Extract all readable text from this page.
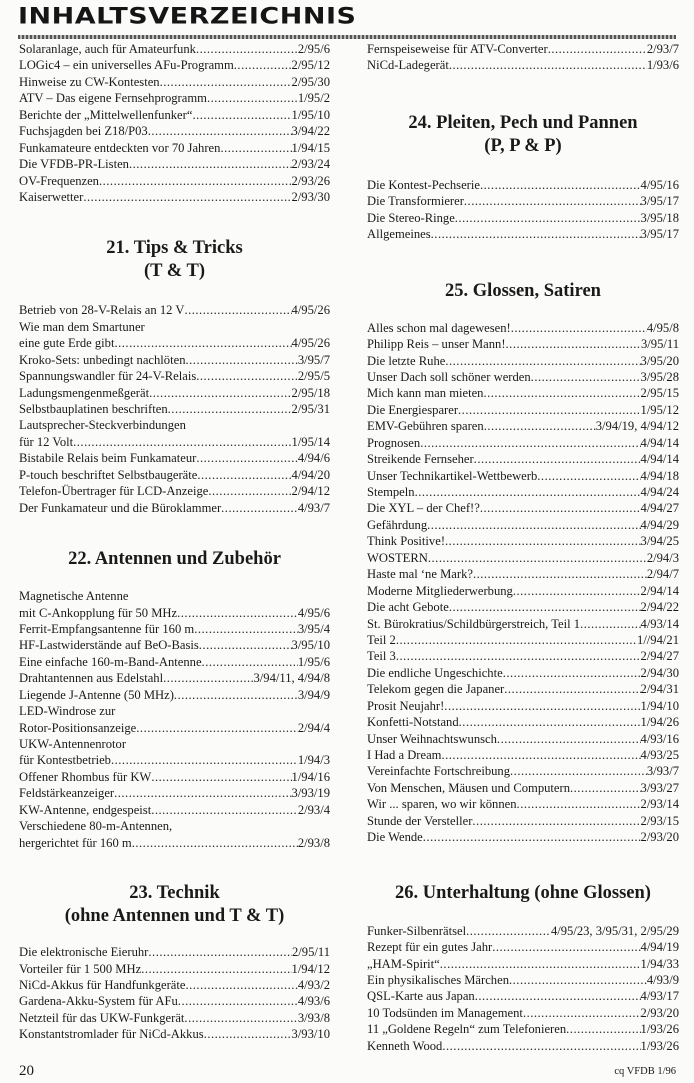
INHALTSVERZEICHNIS
Solaranlage, auch für Amateurfunk .....	2/95/6
LOGic4 – ein universelles AFu-Programm .....	2/95/12
Hinweise zu CW-Kontesten .....	2/95/30
ATV – Das eigene Fernsehprogramm .....	1/95/2
Berichte der „Mittelwellenfunker“ .....	1/95/10
Fuchsjagden bei Z18/P03 .....	3/94/22
Funkamateure entdeckten vor 70 Jahren .....	1/94/15
Die VFDB-PR-Listen .....	2/93/24
OV-Frequenzen .....	2/93/26
Kaiserwetter .....	2/93/30
21. Tips & Tricks
(T & T)
Betrieb von 28-V-Relais an 12 V .....	4/95/26
Wie man dem Smartuner
eine gute Erde gibt .....	4/95/26
Kroko-Sets: unbedingt nachlöten .....	3/95/7
Spannungswandler für 24-V-Relais .....	2/95/5
Ladungsmengenmeßgerät .....	2/95/18
Selbstbauplatinen beschriften .....	2/95/31
Lautsprecher-Steckverbindungen
für 12 Volt .....	1/95/14
Bistabile Relais beim Funkamateur .....	4/94/6
P-touch beschriftet Selbstbaugeräte .....	4/94/20
Telefon-Übertrager für LCD-Anzeige .....	2/94/12
Der Funkamateur und die Büroklammer .....	4/93/7
22. Antennen und Zubehör
Magnetische Antenne
mit C-Ankopplung für 50 MHz .....	4/95/6
Ferrit-Empfangsantenne für 160 m .....	3/95/4
HF-Lastwiderstände auf BeO-Basis .....	3/95/10
Eine einfache 160-m-Band-Antenne .....	1/95/6
Drahtantennen aus Edelstahl .....	3/94/11, 4/94/8
Liegende J-Antenne (50 MHz) .....	3/94/9
LED-Windrose zur
Rotor-Positionsanzeige .....	2/94/4
UKW-Antennenrotor
für Kontestbetrieb .....	1/94/3
Offener Rhombus für KW .....	1/94/16
Feldstärkeanzeiger .....	3/93/19
KW-Antenne, endgespeist .....	2/93/4
Verschiedene 80-m-Antennen,
hergerichtet für 160 m .....	2/93/8
23. Technik
(ohne Antennen und T & T)
Die elektronische Eieruhr .....	2/95/11
Vorteiler für 1 500 MHz .....	1/94/12
NiCd-Akkus für Handfunkgeräte .....	4/93/2
Gardena-Akku-System für AFu .....	4/93/6
Netzteil für das UKW-Funkgerät .....	3/93/8
Konstantstromlader für NiCd-Akkus .....	3/93/10
Fernspeiseweise für ATV-Converter .....	2/93/7
NiCd-Ladegerät .....	1/93/6
24. Pleiten, Pech und Pannen
(P, P & P)
Die Kontest-Pechserie .....	4/95/16
Die Transformierer .....	3/95/17
Die Stereo-Ringe .....	3/95/18
Allgemeines .....	3/95/17
25. Glossen, Satiren
Alles schon mal dagewesen! .....	4/95/8
Philipp Reis – unser Mann! .....	3/95/11
Die letzte Ruhe .....	3/95/20
Unser Dach soll schöner werden .....	3/95/28
Mich kann man mieten .....	2/95/15
Die Energiesparer .....	1/95/12
EMV-Gebühren sparen .....	3/94/19, 4/94/12
Prognosen .....	4/94/14
Streikende Fernseher .....	4/94/14
Unser Technikartikel-Wettbewerb .....	4/94/18
Stempeln .....	4/94/24
Die XYL – der Chef!? .....	4/94/27
Gefährdung .....	4/94/29
Think Positive! .....	3/94/25
WOSTERN .....	2/94/3
Haste mal ‘ne Mark? .....	2/94/7
Moderne Mitgliederwerbung .....	2/94/14
Die acht Gebote .....	2/94/22
St. Bürokratius/Schildbürgerstreich, Teil 1 .....	4/93/14
Teil 2 .....	1//94/21
Teil 3 .....	2/94/27
Die endliche Ungeschichte .....	2/94/30
Telekom gegen die Japaner .....	2/94/31
Prosit Neujahr! .....	1/94/10
Konfetti-Notstand .....	1/94/26
Unser Weihnachtswunsch .....	4/93/16
I Had a Dream .....	4/93/25
Vereinfachte Fortschreibung .....	3/93/7
Von Menschen, Mäusen und Computern .....	3/93/27
Wir ... sparen, wo wir können .....	2/93/14
Stunde der Versteller .....	2/93/15
Die Wende .....	2/93/20
26. Unterhaltung (ohne Glossen)
Funker-Silbenrätsel .....	4/95/23, 3/95/31, 2/95/29
Rezept für ein gutes Jahr .....	4/94/19
„HAM-Spirit“ .....	1/94/33
Ein physikalisches Märchen .....	4/93/9
QSL-Karte aus Japan .....	4/93/17
10 Todsünden im Management .....	2/93/20
11 „Goldene Regeln“ zum Telefonieren .....	1/93/26
Kenneth Wood .....	1/93/26
20	cq VFDB 1/96
